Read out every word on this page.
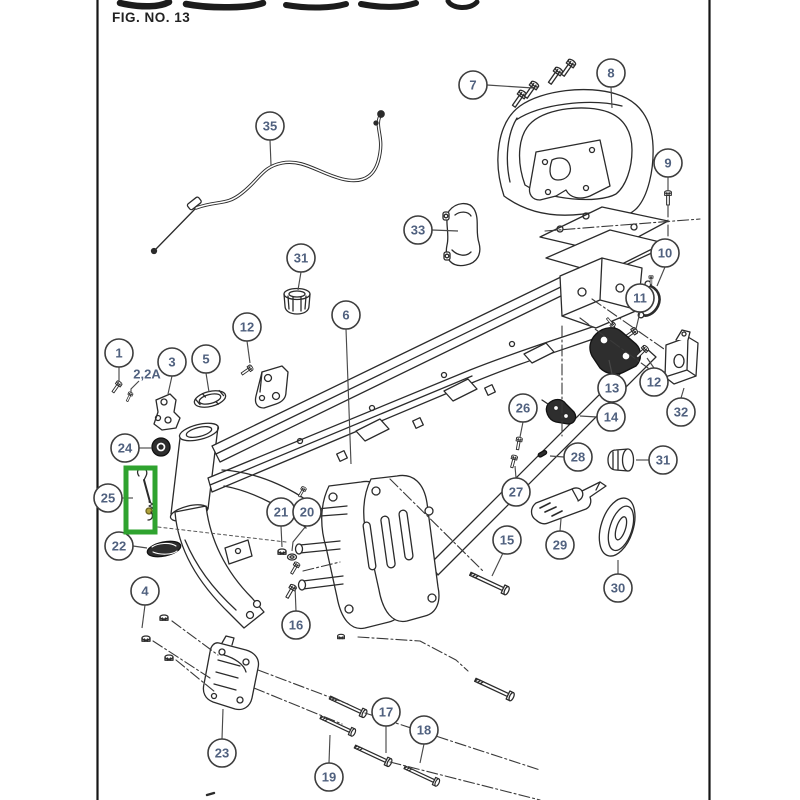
FIG. NO. 13
35
7
8
9
33
31	10
11
6
12
1
3 5
2,2A
13 12
32
26
14
24
28	31
27
25
21 20
22	15	29
30
4
16
23
17
18
19
